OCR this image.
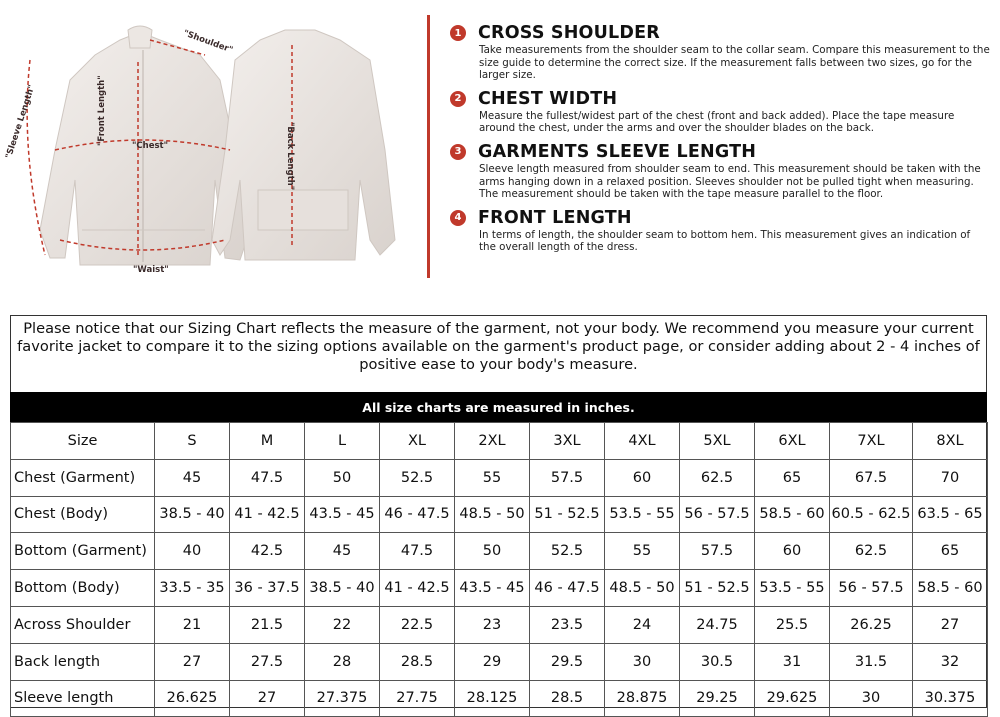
"Shoulder"
"Front Length"
"Sleeve Length"	"Chest"
"Waist"
"Back Length"
1 CROSS SHOULDER
Take measurements from the shoulder seam to the collar seam. Compare this measurement to the size guide to determine the correct size. If the measurement falls between two sizes, go for the larger size.
2 CHEST WIDTH
Measure the fullest/widest part of the chest (front and back added). Place the tape measure around the chest, under the arms and over the shoulder blades on the back.
3 GARMENTS SLEEVE LENGTH
Sleeve length measured from shoulder seam to end. This measurement should be taken with the arms hanging down in a relaxed position. Sleeves shoulder not be pulled tight when measuring. The measurement should be taken with the tape measure parallel to the floor.
4 FRONT LENGTH
In terms of length, the shoulder seam to bottom hem. This measurement gives an indication of the overall length of the dress.
Please notice that our Sizing Chart reflects the measure of the garment, not your body. We recommend you measure your current favorite jacket to compare it to the sizing options available on the garment's product page, or consider adding about 2 - 4 inches of positive ease to your body's measure.
All size charts are measured in inches.
Size	S	M	L	XL	2XL	3XL	4XL	5XL	6XL	7XL	8XL
Chest (Garment)	45	47.5	50	52.5	55	57.5	60	62.5	65	67.5	70
Chest (Body)	38.5 - 40	41 - 42.5	43.5 - 45	46 - 47.5	48.5 - 50	51 - 52.5	53.5 - 55	56 - 57.5	58.5 - 60	60.5 - 62.5	63.5 - 65
Bottom (Garment)	40	42.5	45	47.5	50	52.5	55	57.5	60	62.5	65
Bottom (Body)	33.5 - 35	36 - 37.5	38.5 - 40	41 - 42.5	43.5 - 45	46 - 47.5	48.5 - 50	51 - 52.5	53.5 - 55	56 - 57.5	58.5 - 60
Across Shoulder	21	21.5	22	22.5	23	23.5	24	24.75	25.5	26.25	27
Back length	27	27.5	28	28.5	29	29.5	30	30.5	31	31.5	32
Sleeve length	26.625	27	27.375	27.75	28.125	28.5	28.875	29.25	29.625	30	30.375
